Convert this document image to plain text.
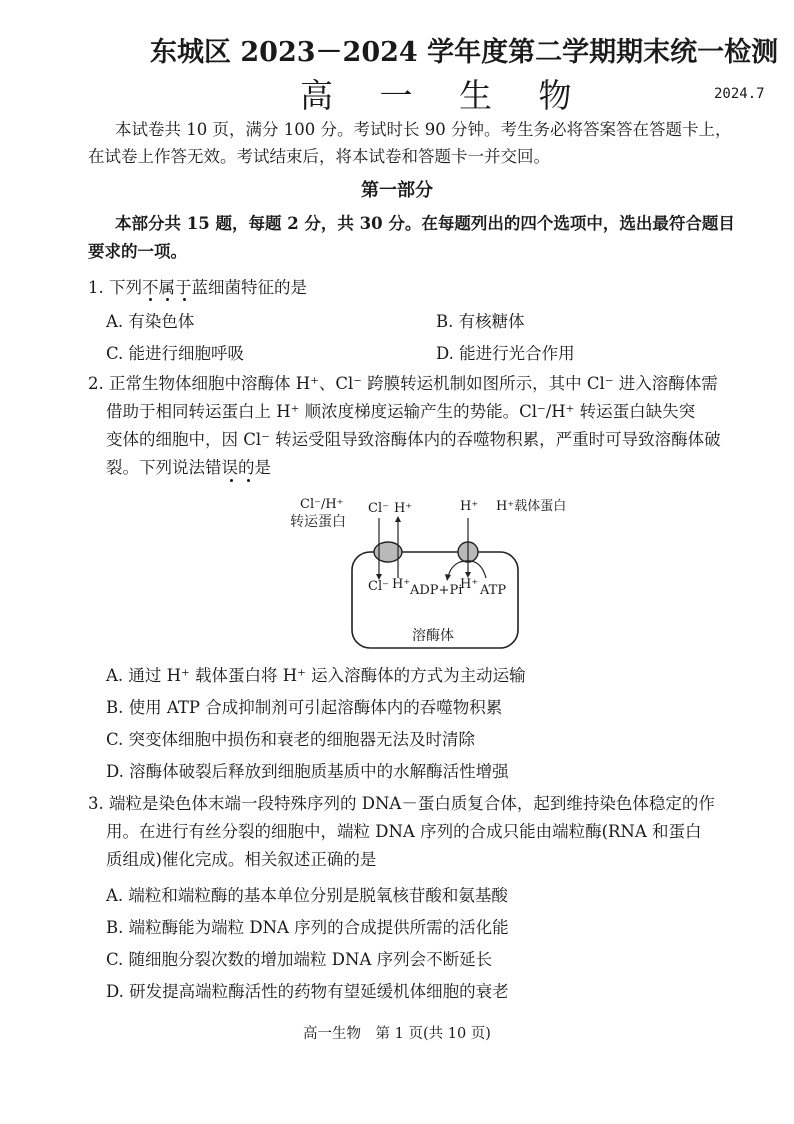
东城区 2023－2024 学年度第二学期期末统一检测
高 一 生 物	2024.7
本试卷共 10 页，满分 100 分。考试时长 90 分钟。考生务必将答案答在答题卡上，
在试卷上作答无效。考试结束后，将本试卷和答题卡一并交回。
第一部分
本部分共 15 题，每题 2 分，共 30 分。在每题列出的四个选项中，选出最符合题目
要求的一项。
1. 下列不属于蓝细菌特征的是
A. 有染色体	B. 有核糖体
C. 能进行细胞呼吸	D. 能进行光合作用
2. 正常生物体细胞中溶酶体 H⁺、Cl⁻ 跨膜转运机制如图所示，其中 Cl⁻ 进入溶酶体需
借助于相同转运蛋白上 H⁺ 顺浓度梯度运输产生的势能。Cl⁻/H⁺ 转运蛋白缺失突
变体的细胞中，因 Cl⁻ 转运受阻导致溶酶体内的吞噬物积累，严重时可导致溶酶体破
裂。下列说法错误的是
Cl⁻/H⁺
转运蛋白
Cl⁻ H⁺	H⁺ H⁺载体蛋白
Cl⁻ H⁺ ADP+Pi
H⁺ ATP
溶酶体
A. 通过 H⁺ 载体蛋白将 H⁺ 运入溶酶体的方式为主动运输
B. 使用 ATP 合成抑制剂可引起溶酶体内的吞噬物积累
C. 突变体细胞中损伤和衰老的细胞器无法及时清除
D. 溶酶体破裂后释放到细胞质基质中的水解酶活性增强
3. 端粒是染色体末端一段特殊序列的 DNA－蛋白质复合体，起到维持染色体稳定的作
用。在进行有丝分裂的细胞中，端粒 DNA 序列的合成只能由端粒酶(RNA 和蛋白
质组成)催化完成。相关叙述正确的是
A. 端粒和端粒酶的基本单位分别是脱氧核苷酸和氨基酸
B. 端粒酶能为端粒 DNA 序列的合成提供所需的活化能
C. 随细胞分裂次数的增加端粒 DNA 序列会不断延长
D. 研发提高端粒酶活性的药物有望延缓机体细胞的衰老
高一生物　第 1 页(共 10 页)
